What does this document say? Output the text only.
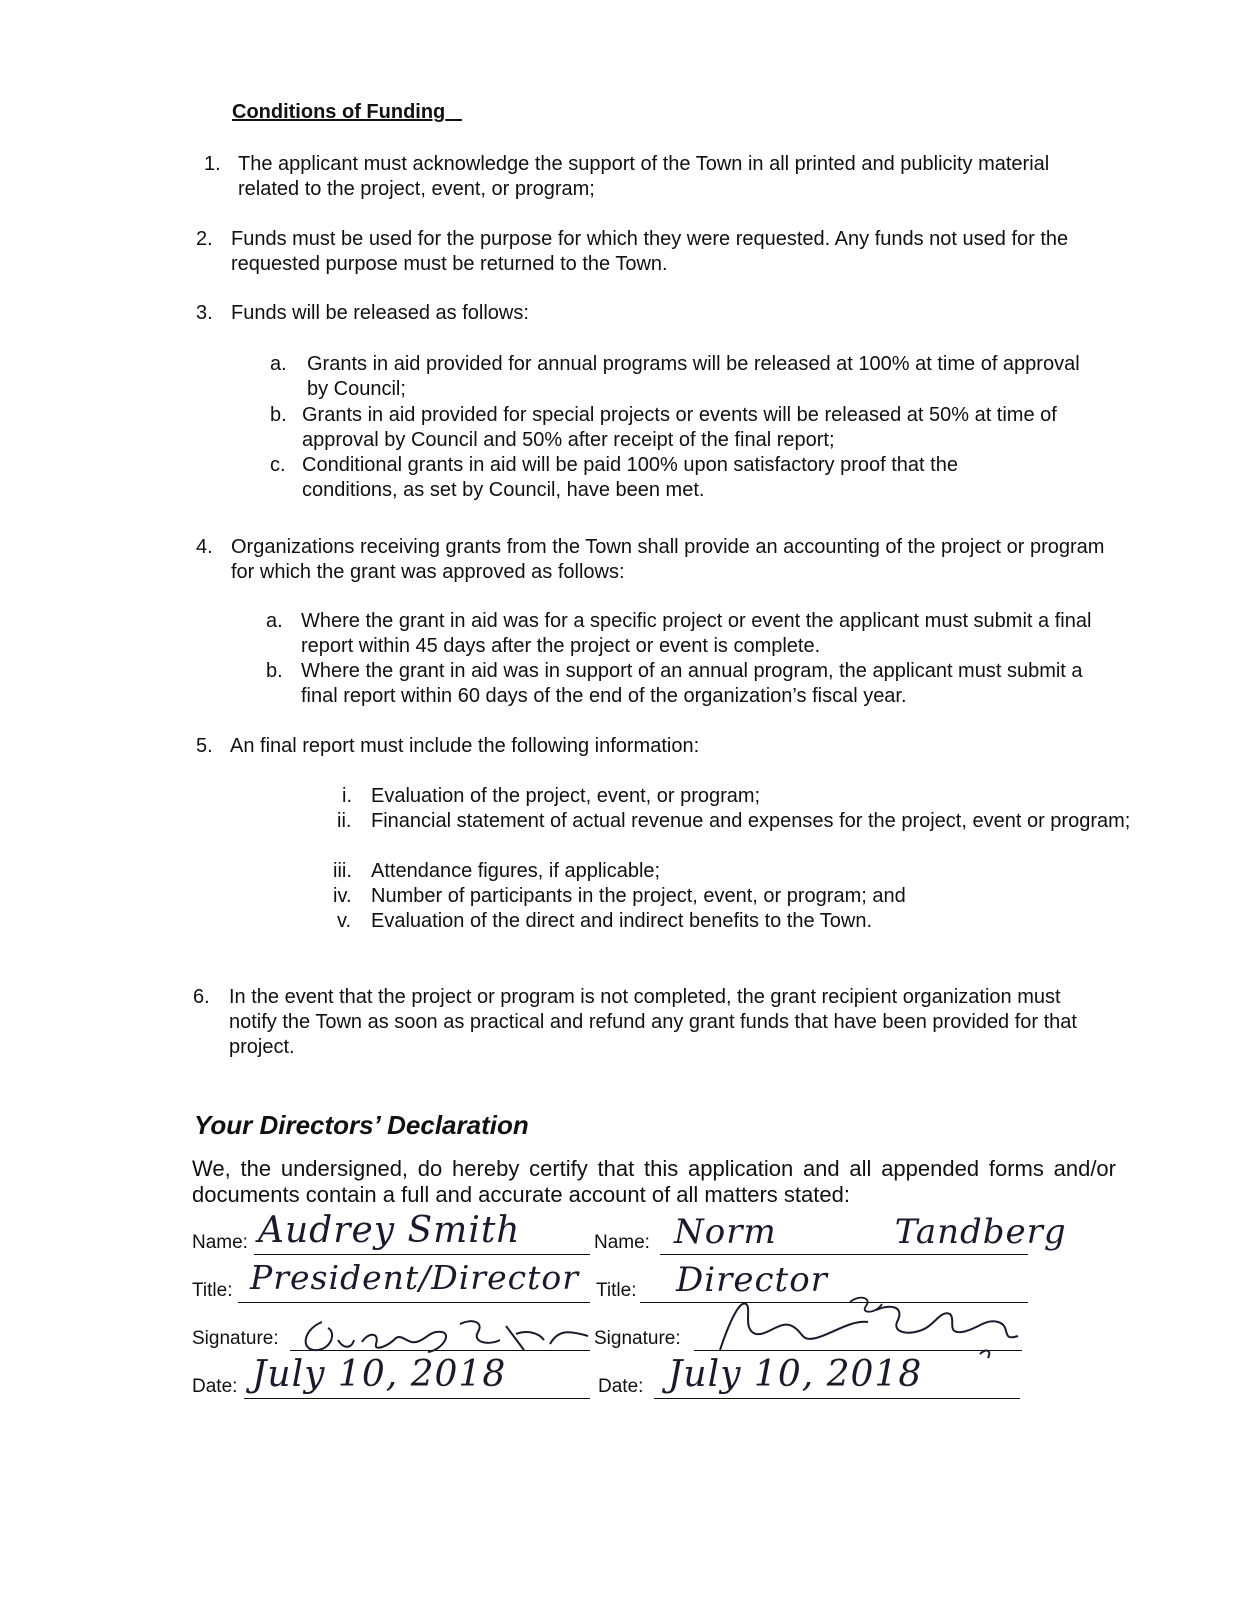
Conditions of Funding
1. The applicant must acknowledge the support of the Town in all printed and publicity material related to the project, event, or program;
2. Funds must be used for the purpose for which they were requested. Any funds not used for the requested purpose must be returned to the Town.
3. Funds will be released as follows:
a. Grants in aid provided for annual programs will be released at 100% at time of approval by Council;
b. Grants in aid provided for special projects or events will be released at 50% at time of approval by Council and 50% after receipt of the final report;
c. Conditional grants in aid will be paid 100% upon satisfactory proof that the conditions, as set by Council, have been met.
4. Organizations receiving grants from the Town shall provide an accounting of the project or program for which the grant was approved as follows:
a. Where the grant in aid was for a specific project or event the applicant must submit a final report within 45 days after the project or event is complete.
b. Where the grant in aid was in support of an annual program, the applicant must submit a final report within 60 days of the end of the organization’s fiscal year.
5. An final report must include the following information:
i. Evaluation of the project, event, or program;
ii. Financial statement of actual revenue and expenses for the project, event or program;
iii. Attendance figures, if applicable;
iv. Number of participants in the project, event, or program; and
v. Evaluation of the direct and indirect benefits to the Town.
6. In the event that the project or program is not completed, the grant recipient organization must notify the Town as soon as practical and refund any grant funds that have been provided for that project.
Your Directors’ Declaration
We, the undersigned, do hereby certify that this application and all appended forms and/or documents contain a full and accurate account of all matters stated:
Name: Audrey Smith	Name: Norm          Tandberg
Title: President/Director Title: Director
Signature:	Signature:
Date: July 10, 2018	Date: July 10, 2018
